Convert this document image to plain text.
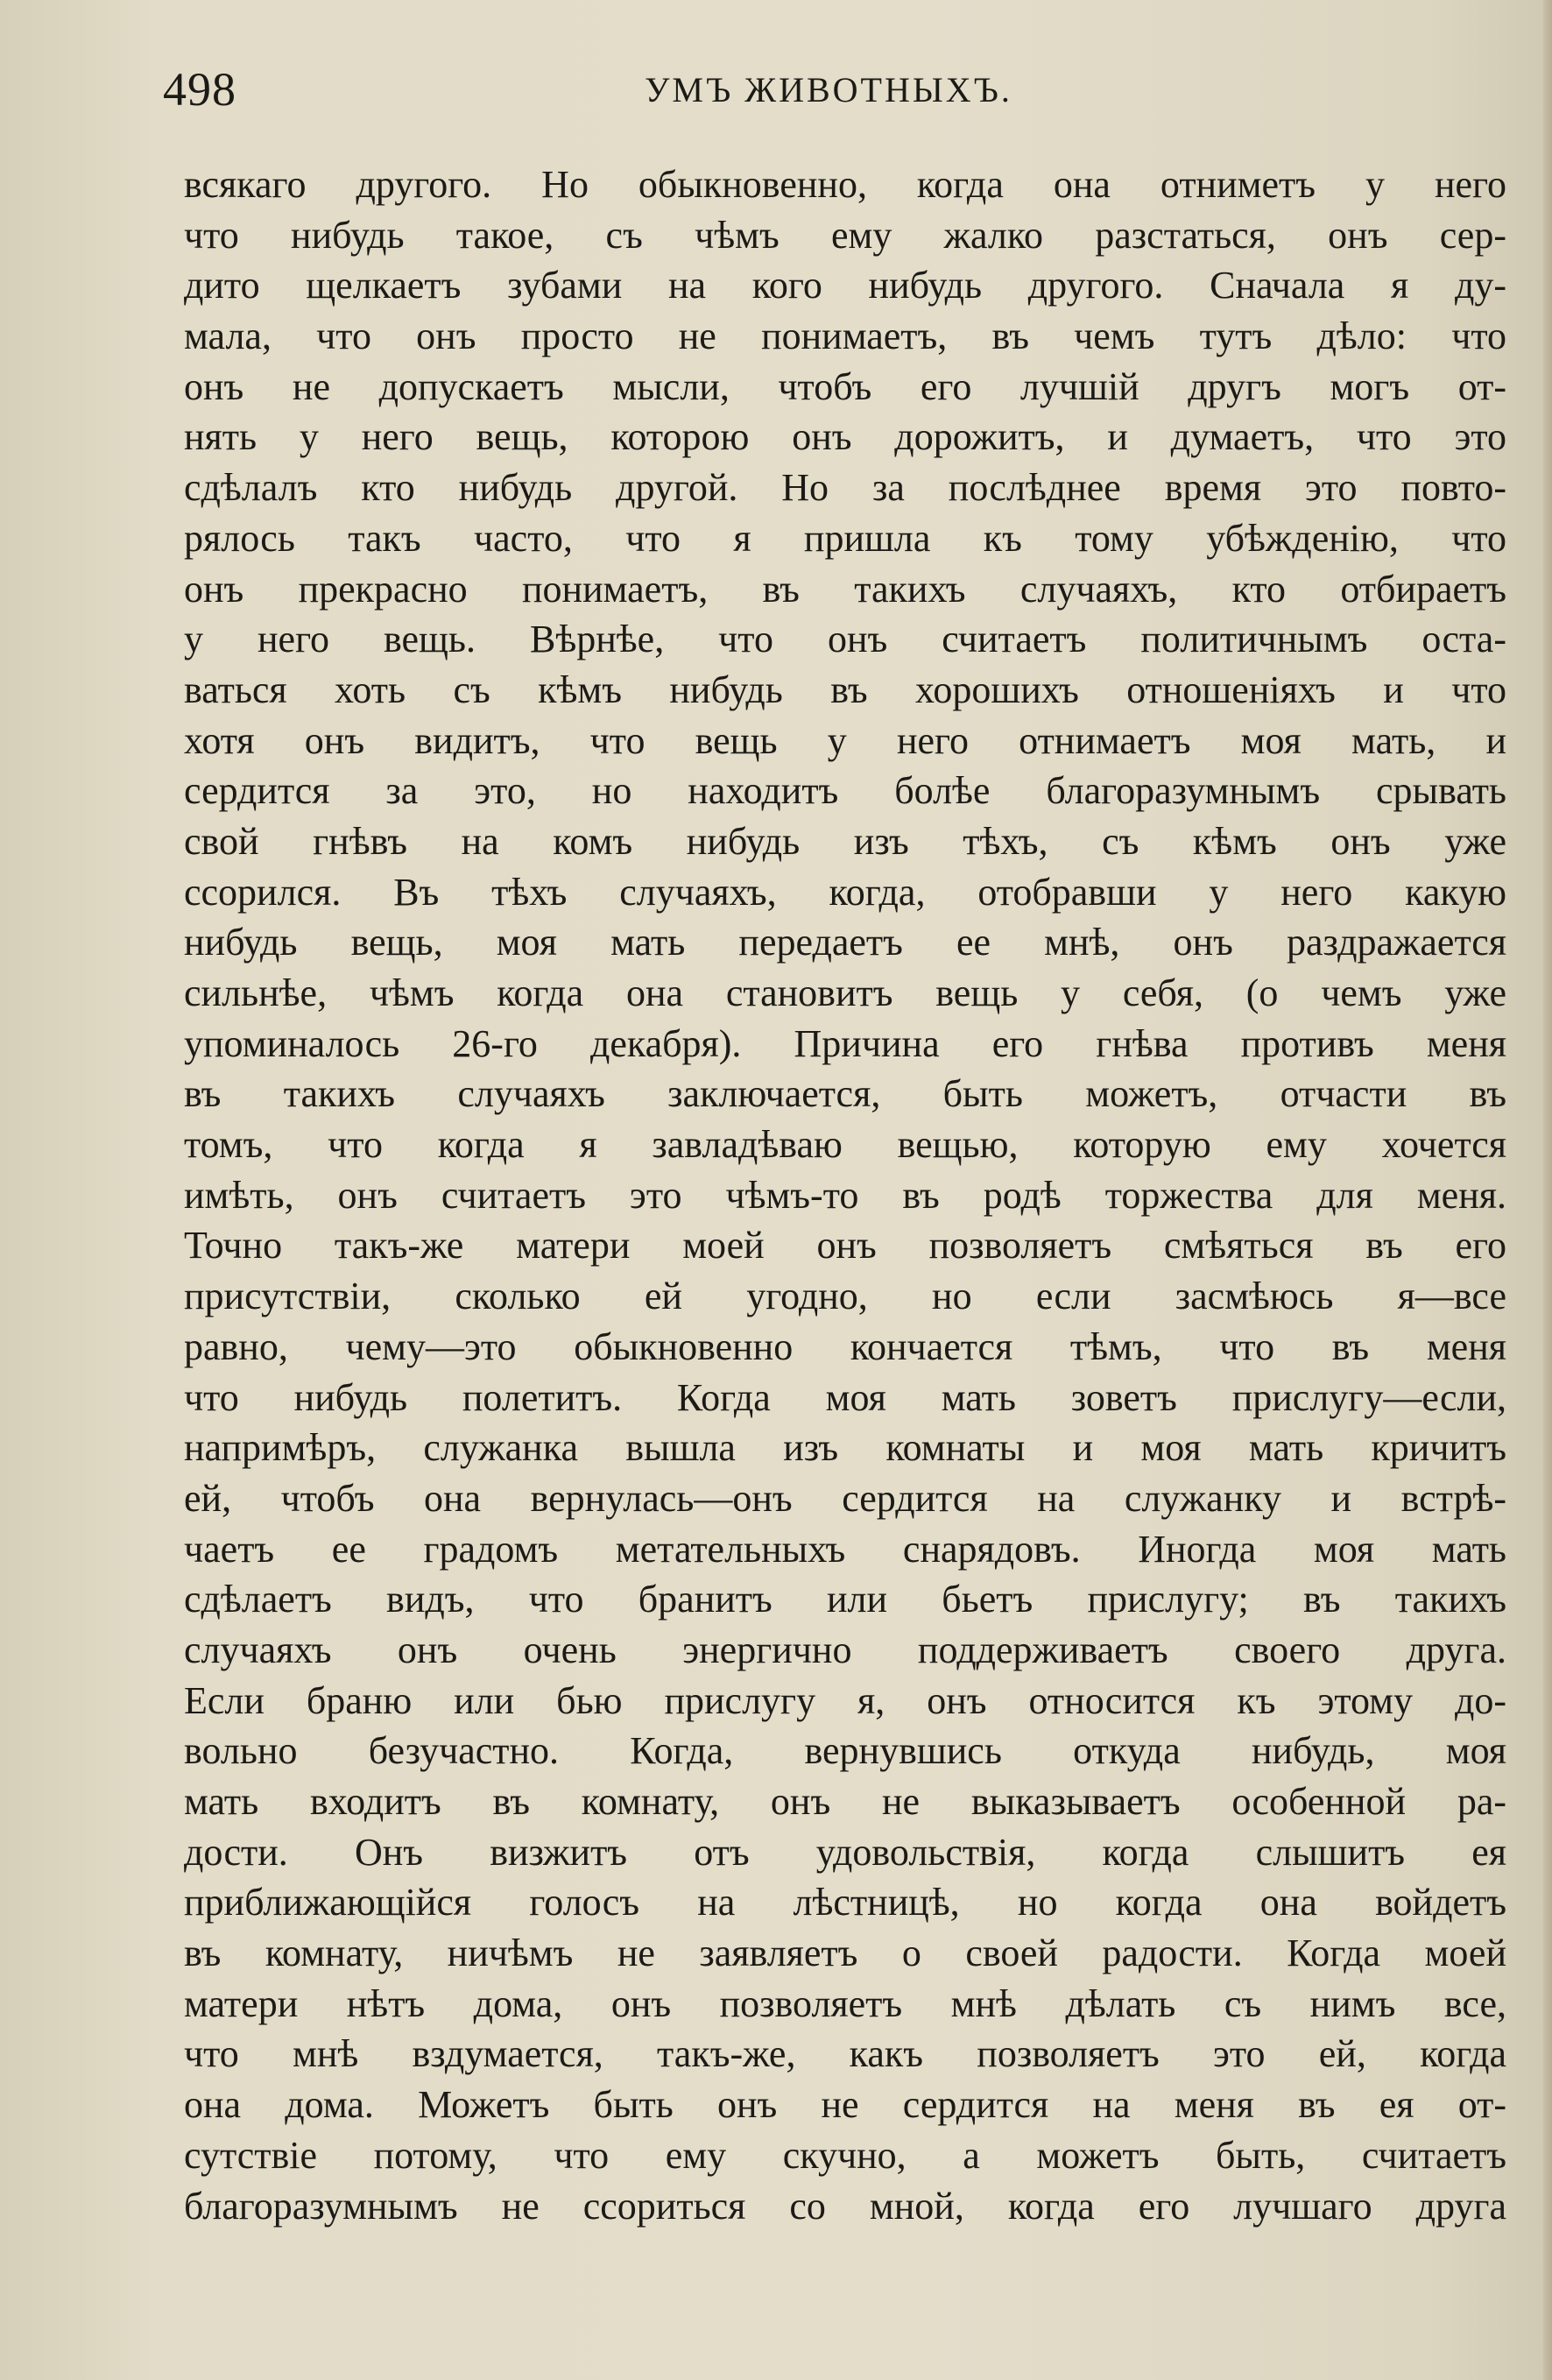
498	УМЪ ЖИВОТНЫХЪ.
всякаго другого. Но обыкновенно, когда она отниметъ у него
что нибудь такое, съ чѣмъ ему жалко разстаться, онъ сер-
дито щелкаетъ зубами на кого нибудь другого. Сначала я ду-
мала, что онъ просто не понимаетъ, въ чемъ тутъ дѣло: что
онъ не допускаетъ мысли, чтобъ его лучшій другъ могъ от-
нять у него вещь, которою онъ дорожитъ, и думаетъ, что это
сдѣлалъ кто нибудь другой. Но за послѣднее время это повто-
рялось такъ часто, что я пришла къ тому убѣжденію, что
онъ прекрасно понимаетъ, въ такихъ случаяхъ, кто отбираетъ
у него вещь. Вѣрнѣе, что онъ считаетъ политичнымъ оста-
ваться хоть съ кѣмъ нибудь въ хорошихъ отношеніяхъ и что
хотя онъ видитъ, что вещь у него отнимаетъ моя мать, и
сердится за это, но находитъ болѣе благоразумнымъ срывать
свой гнѣвъ на комъ нибудь изъ тѣхъ, съ кѣмъ онъ уже
ссорился. Въ тѣхъ случаяхъ, когда, отобравши у него какую
нибудь вещь, моя мать передаетъ ее мнѣ, онъ раздражается
сильнѣе, чѣмъ когда она становитъ вещь у себя, (о чемъ уже
упоминалось 26-го декабря). Причина его гнѣва противъ меня
въ такихъ случаяхъ заключается, быть можетъ, отчасти въ
томъ, что когда я завладѣваю вещью, которую ему хочется
имѣть, онъ считаетъ это чѣмъ-то въ родѣ торжества для меня.
Точно такъ-же матери моей онъ позволяетъ смѣяться въ его
присутствіи, сколько ей угодно, но если засмѣюсь я—все
равно, чему—это обыкновенно кончается тѣмъ, что въ меня
что нибудь полетитъ. Когда моя мать зоветъ прислугу—если,
напримѣръ, служанка вышла изъ комнаты и моя мать кричитъ
ей, чтобъ она вернулась—онъ сердится на служанку и встрѣ-
чаетъ ее градомъ метательныхъ снарядовъ. Иногда моя мать
сдѣлаетъ видъ, что бранитъ или бьетъ прислугу; въ такихъ
случаяхъ онъ очень энергично поддерживаетъ своего друга.
Если браню или бью прислугу я, онъ относится къ этому до-
вольно безучастно. Когда, вернувшись откуда нибудь, моя
мать входитъ въ комнату, онъ не выказываетъ особенной ра-
дости. Онъ визжитъ отъ удовольствія, когда слышитъ ея
приближающійся голосъ на лѣстницѣ, но когда она войдетъ
въ комнату, ничѣмъ не заявляетъ о своей радости. Когда моей
матери нѣтъ дома, онъ позволяетъ мнѣ дѣлать съ нимъ все,
что мнѣ вздумается, такъ-же, какъ позволяетъ это ей, когда
она дома. Можетъ быть онъ не сердится на меня въ ея от-
сутствіе потому, что ему скучно, а можетъ быть, считаетъ
благоразумнымъ не ссориться со мной, когда его лучшаго друга
